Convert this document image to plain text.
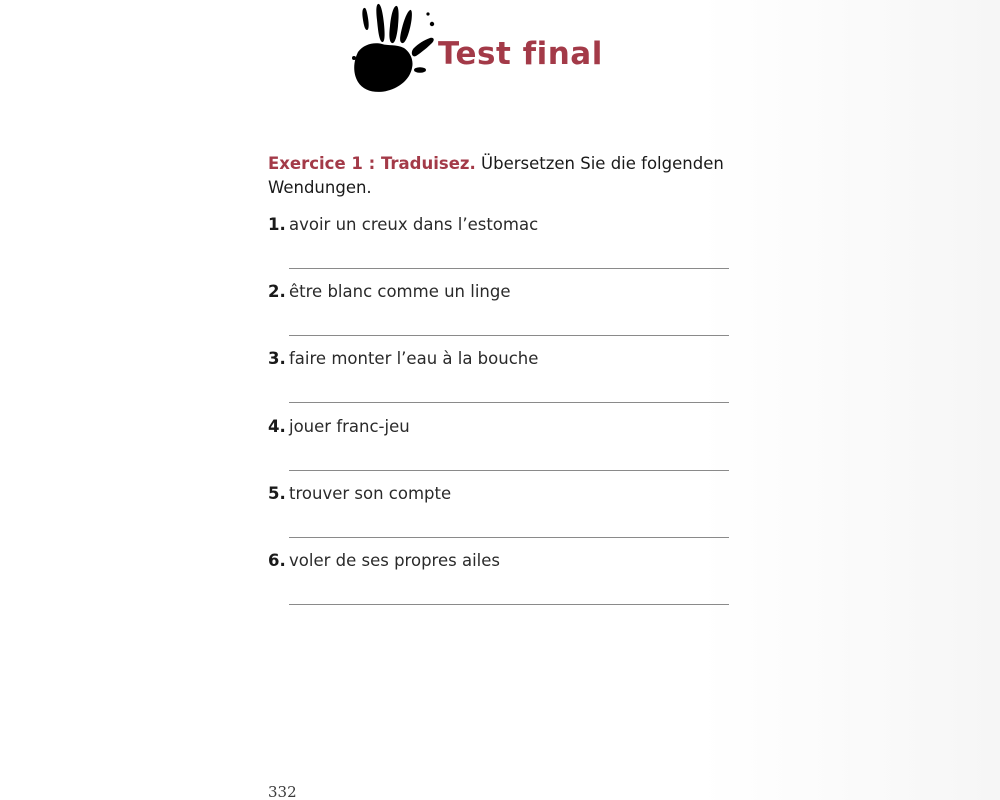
Test final

Exercice 1 : Traduisez. Übersetzen Sie die folgenden Wendungen.

1. avoir un creux dans l’estomac
2. être blanc comme un linge
3. faire monter l’eau à la bouche
4. jouer franc-jeu
5. trouver son compte
6. voler de ses propres ailes
332
